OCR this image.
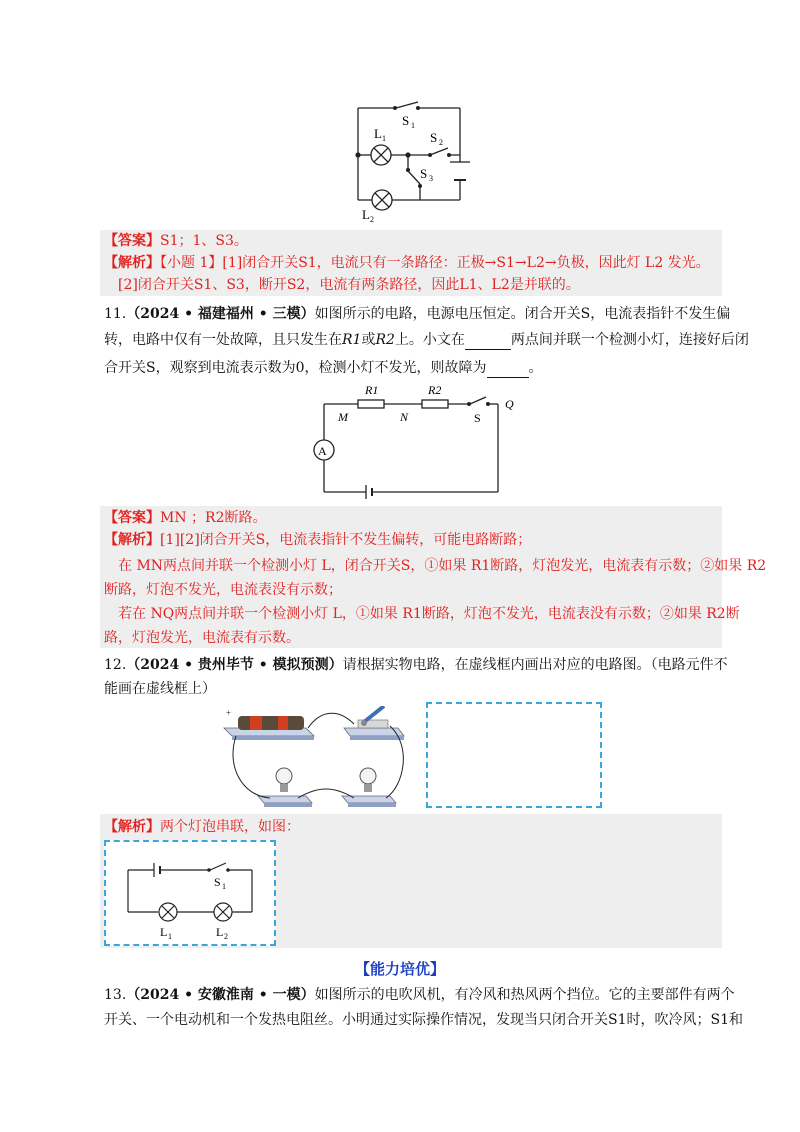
S 1
S 2
S 3
L 1
L 2
【答案】S1；1、S3。
【解析】【小题 1】[1]闭合开关S1，电流只有一条路径：正极→S1→L2→负极，因此灯 L2 发光。
[2]闭合开关S1、S3，断开S2，电流有两条路径，因此L1、L2是并联的。
11.（2024 • 福建福州 • 三模）如图所示的电路，电源电压恒定。闭合开关S，电流表指针不发生偏
转，电路中仅有一处故障，且只发生在R1或R2上。小文在	两点间并联一个检测小灯，连接好后闭
合开关S，观察到电流表示数为0，检测小灯不发光，则故障为	。
A
R1	R2
M	N	S
Q
【答案】MN ；R2断路。
【解析】[1][2]闭合开关S，电流表指针不发生偏转，可能电路断路；
在 MN两点间并联一个检测小灯 L，闭合开关S，①如果 R1断路，灯泡发光，电流表有示数；②如果 R2
断路，灯泡不发光，电流表没有示数；
若在 NQ两点间并联一个检测小灯 L，①如果 R1断路，灯泡不发光，电流表没有示数；②如果 R2断
路，灯泡发光，电流表有示数。
12.（2024 • 贵州毕节 • 模拟预测）请根据实物电路，在虚线框内画出对应的电路图。（电路元件不
能画在虚线框上）
+
【解析】两个灯泡串联，如图：
S 1
L 1	L 2
【能力培优】
13.（2024 • 安徽淮南 • 一模）如图所示的电吹风机，有冷风和热风两个挡位。它的主要部件有两个
开关、一个电动机和一个发热电阻丝。小明通过实际操作情况，发现当只闭合开关S1时，吹冷风；S1和
